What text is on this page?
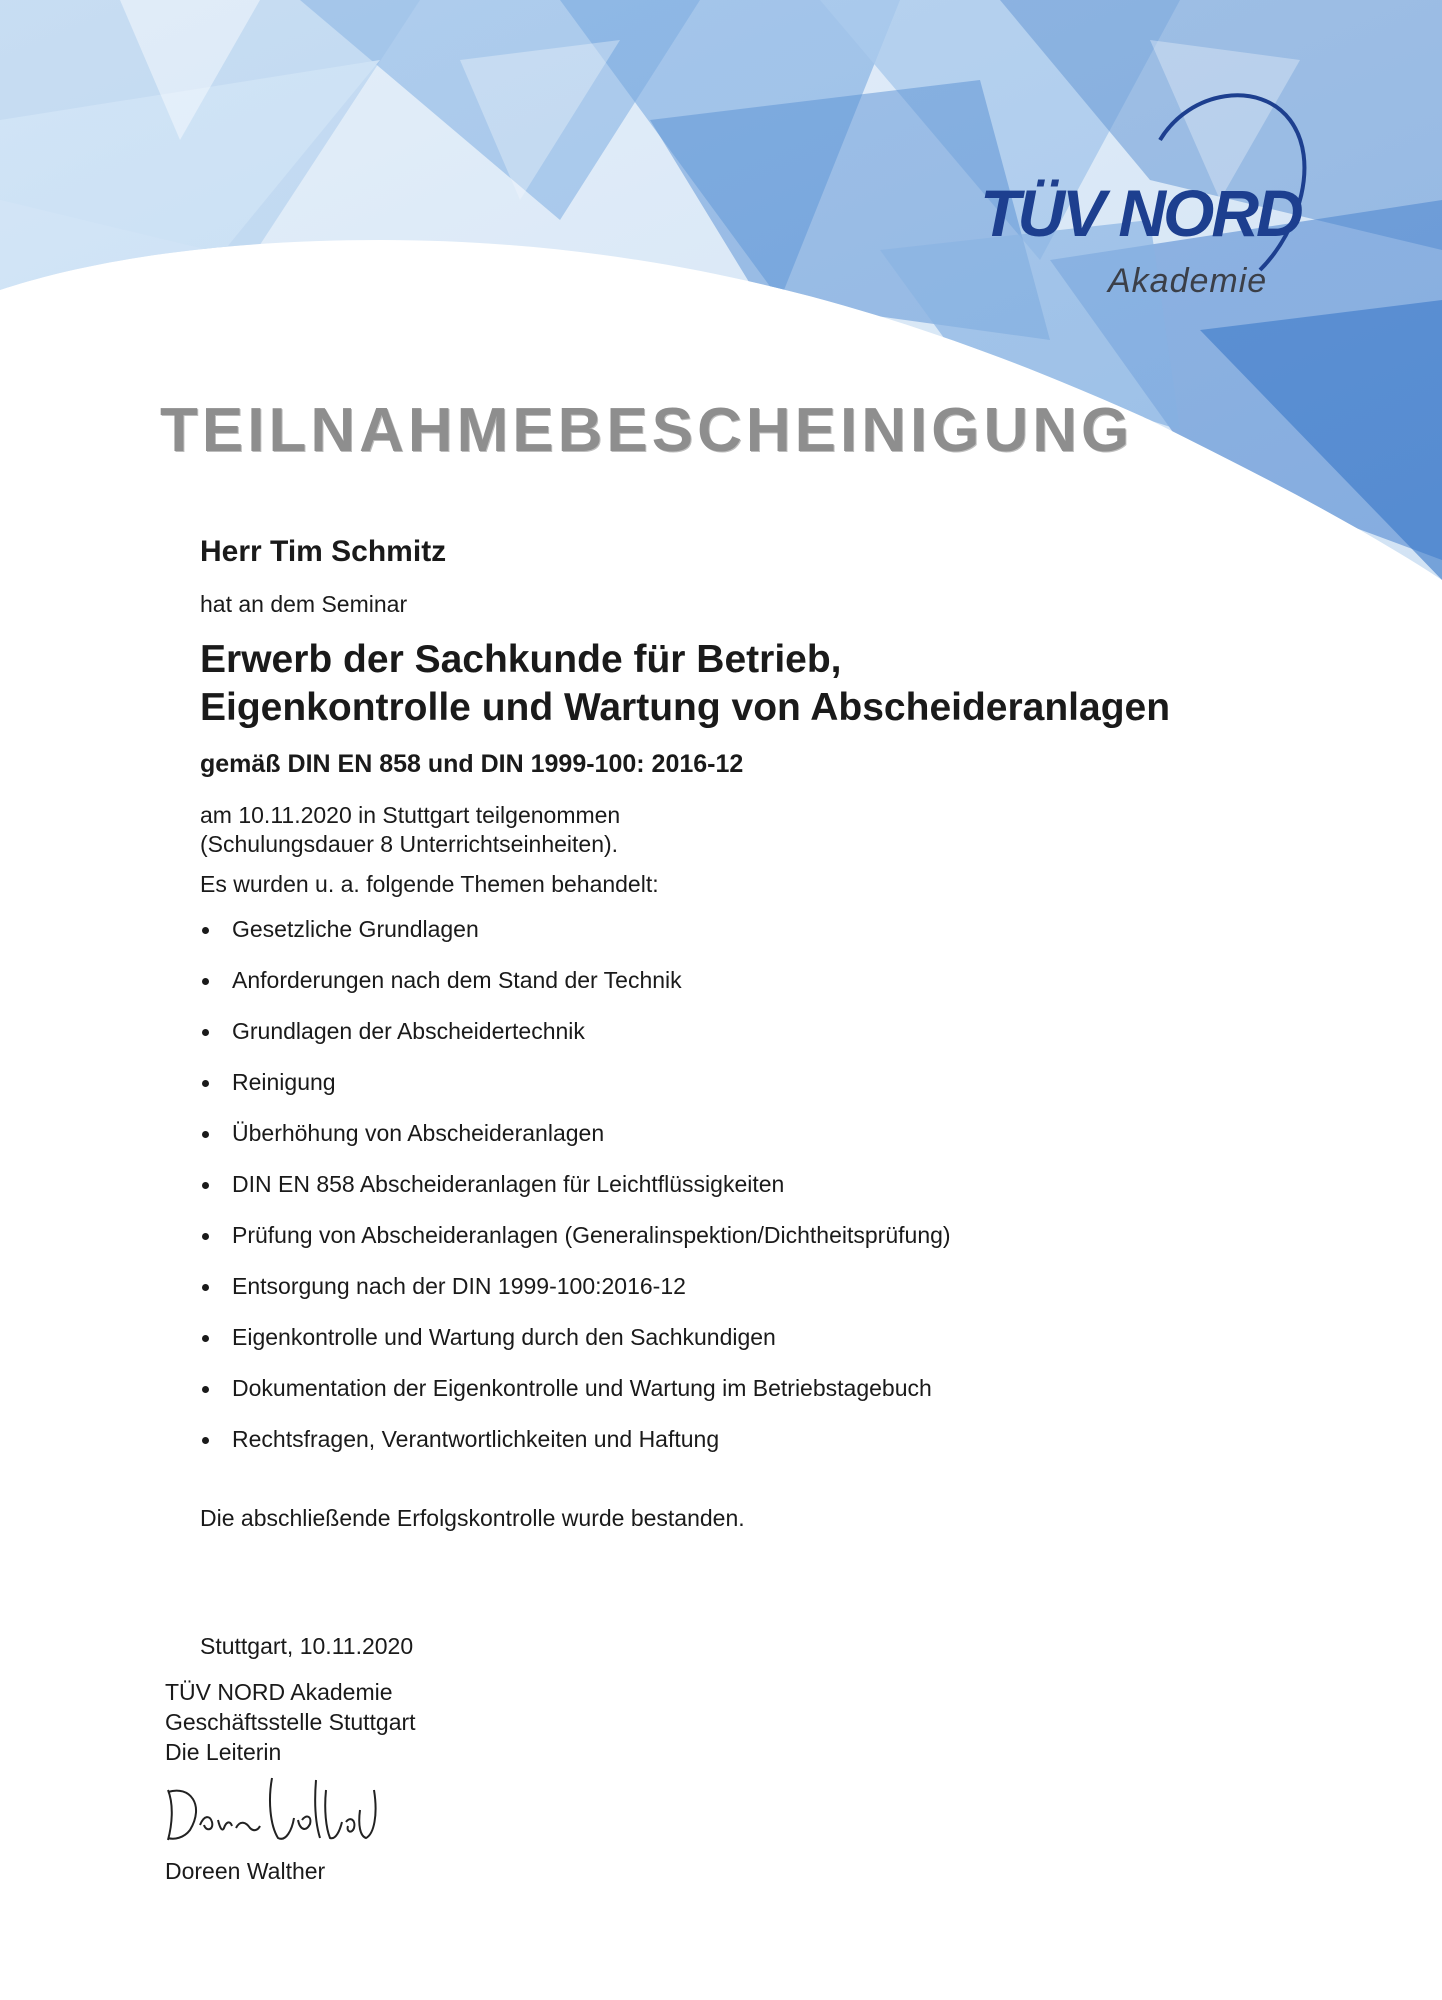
TÜV NORD
Akademie
TEILNAHMEBESCHEINIGUNG
Herr Tim Schmitz
hat an dem Seminar
Erwerb der Sachkunde für Betrieb,
Eigenkontrolle und Wartung von Abscheideranlagen
gemäß DIN EN 858 und DIN 1999-100: 2016-12
am 10.11.2020 in Stuttgart teilgenommen
(Schulungsdauer 8 Unterrichtseinheiten).
Es wurden u. a. folgende Themen behandelt:
Gesetzliche Grundlagen
Anforderungen nach dem Stand der Technik
Grundlagen der Abscheidertechnik
Reinigung
Überhöhung von Abscheideranlagen
DIN EN 858 Abscheideranlagen für Leichtflüssigkeiten
Prüfung von Abscheideranlagen (Generalinspektion/Dichtheitsprüfung)
Entsorgung nach der DIN 1999-100:2016-12
Eigenkontrolle und Wartung durch den Sachkundigen
Dokumentation der Eigenkontrolle und Wartung im Betriebstagebuch
Rechtsfragen, Verantwortlichkeiten und Haftung
Die abschließende Erfolgskontrolle wurde bestanden.
Stuttgart, 10.11.2020
TÜV NORD Akademie
Geschäftsstelle Stuttgart
Die Leiterin
Doreen Walther
